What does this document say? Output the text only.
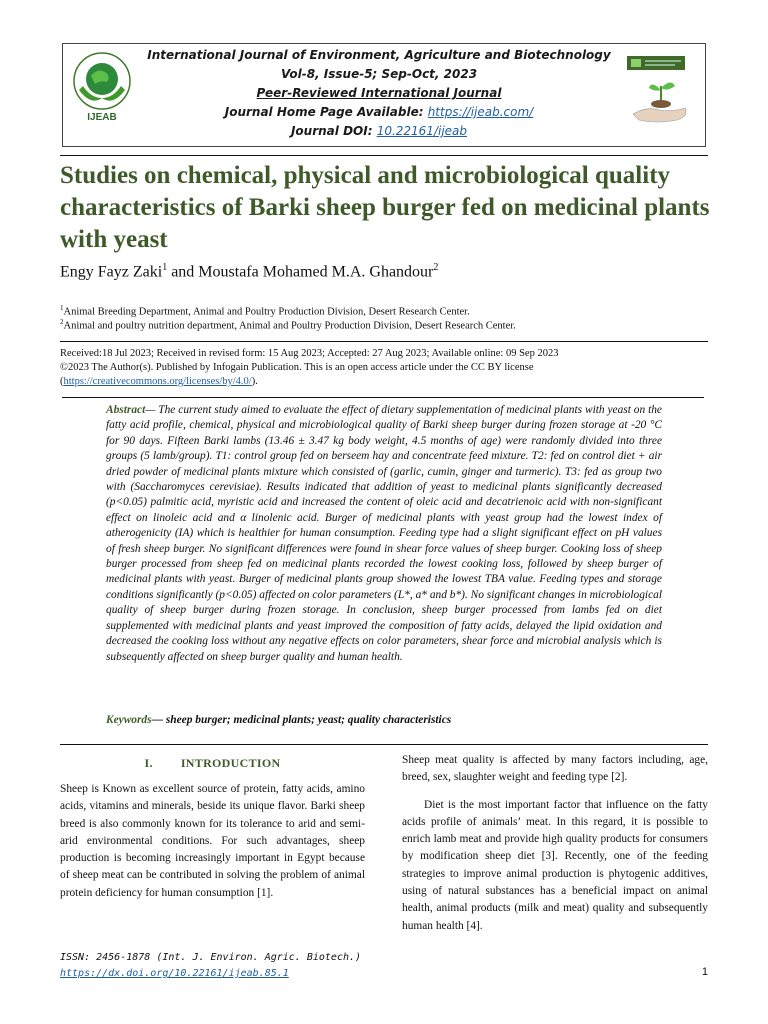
IJEAB
International Journal of Environment, Agriculture and Biotechnology
Vol-8, Issue-5; Sep-Oct, 2023
Peer-Reviewed International Journal
Journal Home Page Available: https://ijeab.com/
Journal DOI: 10.22161/ijeab
Studies on chemical, physical and microbiological quality characteristics of Barki sheep burger fed on medicinal plants with yeast
Engy Fayz Zaki$^1$ and Moustafa Mohamed M.A. Ghandour$^2$
$^1$Animal Breeding Department, Animal and Poultry Production Division, Desert Research Center.
$^2$Animal and poultry nutrition department, Animal and Poultry Production Division, Desert Research Center.
Received:18 Jul 2023; Received in revised form: 15 Aug 2023; Accepted: 27 Aug 2023; Available online: 09 Sep 2023
©2023 The Author(s). Published by Infogain Publication. This is an open access article under the CC BY license
(https://creativecommons.org/licenses/by/4.0/).

Abstract— The current study aimed to evaluate the effect of dietary supplementation of medicinal plants with yeast on the fatty acid profile, chemical, physical and microbiological quality of Barki sheep burger during frozen storage at -20 °C for 90 days. Fifteen Barki lambs (13.46 ± 3.47 kg body weight, 4.5 months of age) were randomly divided into three groups (5 lamb/group). T1: control group fed on berseem hay and concentrate feed mixture. T2: fed on control diet + air dried powder of medicinal plants mixture which consisted of (garlic, cumin, ginger and turmeric). T3: fed as group two with (Saccharomyces cerevisiae). Results indicated that addition of yeast to medicinal plants significantly decreased (p<0.05) palmitic acid, myristic acid and increased the content of oleic acid and decatrienoic acid with non-significant effect on linoleic acid and α linolenic acid. Burger of medicinal plants with yeast group had the lowest index of atherogenicity (IA) which is healthier for human consumption. Feeding type had a slight significant effect on pH values of fresh sheep burger. No significant differences were found in shear force values of sheep burger. Cooking loss of sheep burger processed from sheep fed on medicinal plants recorded the lowest cooking loss, followed by sheep burger of medicinal plants with yeast. Burger of medicinal plants group showed the lowest TBA value. Feeding types and storage conditions significantly (p<0.05) affected on color parameters (L*, a* and b*). No significant changes in microbiological quality of sheep burger during frozen storage. In conclusion, sheep burger processed from lambs fed on diet supplemented with medicinal plants and yeast improved the composition of fatty acids, delayed the lipid oxidation and decreased the cooking loss without any negative effects on color parameters, shear force and microbial analysis which is subsequently affected on sheep burger quality and human health.

Keywords— sheep burger; medicinal plants; yeast; quality characteristics
I. INTRODUCTION

Sheep is Known as excellent source of protein, fatty acids, amino acids, vitamins and minerals, beside its unique flavor. Barki sheep breed is also commonly known for its tolerance to arid and semi-arid environmental conditions. For such advantages, sheep production is becoming increasingly important in Egypt because of sheep meat can be contributed in solving the problem of animal protein deficiency for human consumption [1].

Sheep meat quality is affected by many factors including, age, breed, sex, slaughter weight and feeding type [2].

Diet is the most important factor that influence on the fatty acids profile of animals’ meat. In this regard, it is possible to enrich lamb meat and provide high quality products for consumers by modification sheep diet [3]. Recently, one of the feeding strategies to improve animal production is phytogenic additives, using of natural substances has a beneficial impact on animal health, animal products (milk and meat) quality and subsequently human health [4].

ISSN: 2456-1878 (Int. J. Environ. Agric. Biotech.)
https://dx.doi.org/10.22161/ijeab.85.1	1
